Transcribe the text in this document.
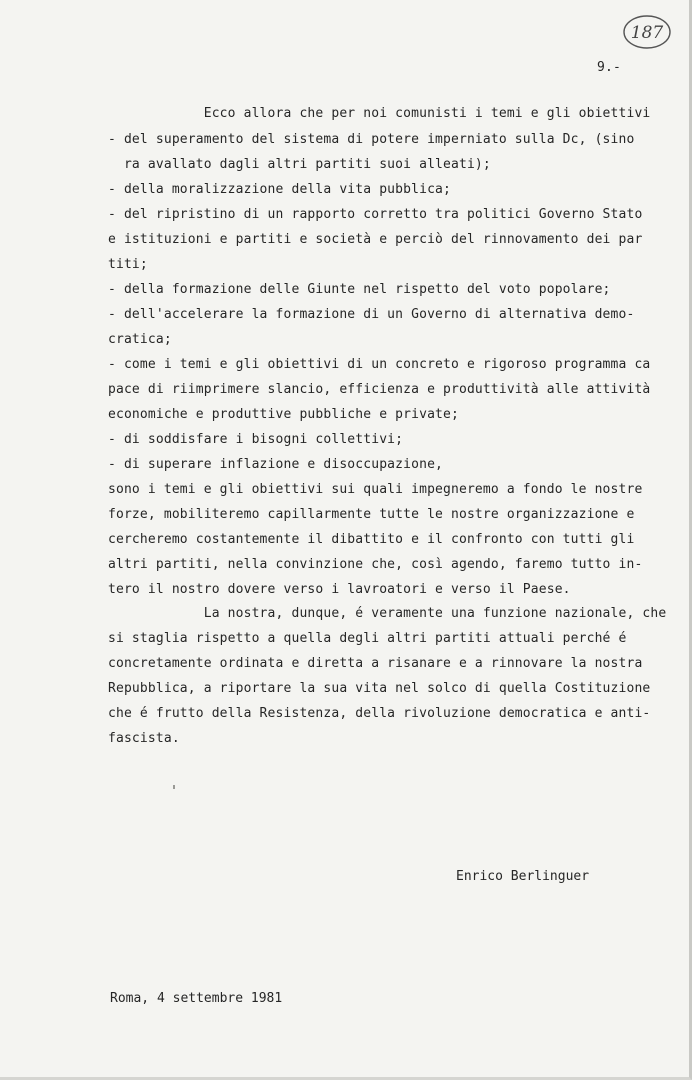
187
9.-
Ecco allora che per noi comunisti i temi e gli obiettivi
- del superamento del sistema di potere imperniato sulla Dc, (sino
ra avallato dagli altri partiti suoi alleati);
- della moralizzazione della vita pubblica;
- del ripristino di un rapporto corretto tra politici Governo Stato
e istituzioni e partiti e società e perciò del rinnovamento dei par
titi;
- della formazione delle Giunte nel rispetto del voto popolare;
- dell'accelerare la formazione di un Governo di alternativa demo-
cratica;
- come i temi e gli obiettivi di un concreto e rigoroso programma ca
pace di riimprimere slancio, efficienza e produttività alle attività
economiche e produttive pubbliche e private;
- di soddisfare i bisogni collettivi;
- di superare inflazione e disoccupazione,
sono i temi e gli obiettivi sui quali impegneremo a fondo le nostre
forze, mobiliteremo capillarmente tutte le nostre organizzazione e
cercheremo costantemente il dibattito e il confronto con tutti gli
altri partiti, nella convinzione che, così agendo, faremo tutto in-
tero il nostro dovere verso i lavroatori e verso il Paese.
La nostra, dunque, é veramente una funzione nazionale, che
si staglia rispetto a quella degli altri partiti attuali perché é
concretamente ordinata e diretta a risanare e a rinnovare la nostra
Repubblica, a riportare la sua vita nel solco di quella Costituzione
che é frutto della Resistenza, della rivoluzione democratica e anti-
fascista.
Enrico Berlinguer
Roma, 4 settembre 1981
